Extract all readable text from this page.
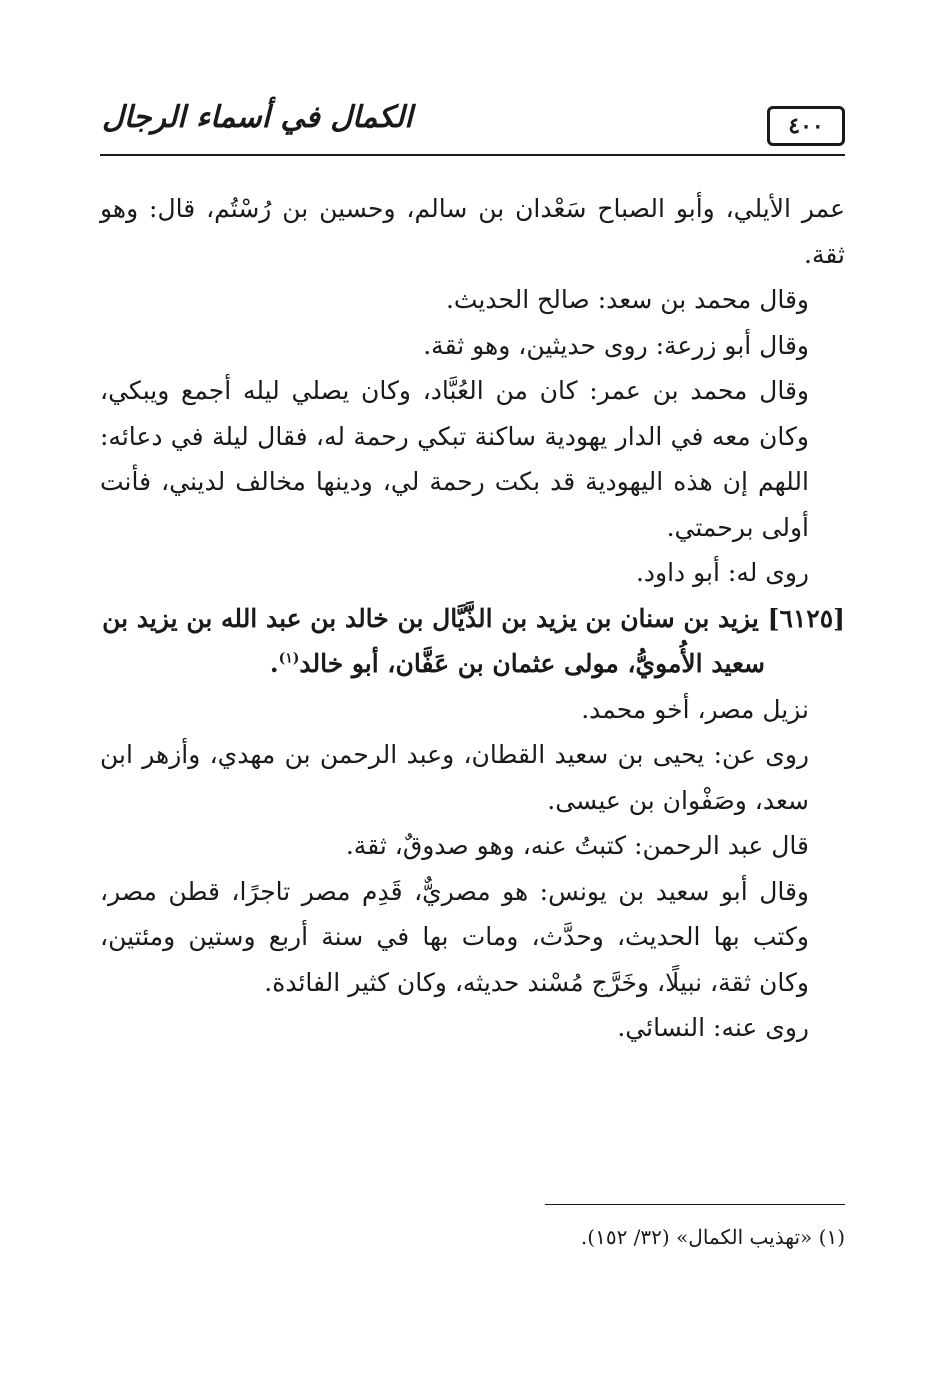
الكمال في أسماء الرجال	٤٠٠

عمر الأيلي، وأبو الصباح سَعْدان بن سالم، وحسين بن رُسْتُم، قال: وهو ثقة.

وقال محمد بن سعد: صالح الحديث.

وقال أبو زرعة: روى حديثين، وهو ثقة.

وقال محمد بن عمر: كان من العُبَّاد، وكان يصلي ليله أجمع ويبكي، وكان معه في الدار يهودية ساكنة تبكي رحمة له، فقال ليلة في دعائه: اللهم إن هذه اليهودية قد بكت رحمة لي، ودينها مخالف لديني، فأنت أولى برحمتي.

روى له: أبو داود.

[٦١٢٥] يزيد بن سنان بن يزيد بن الذَّيَّال بن خالد بن عبد الله بن يزيد بن
سعيد الأُمويُّ، مولى عثمان بن عَفَّان، أبو خالد$^{(١)}$.

نزيل مصر، أخو محمد.

روى عن: يحيى بن سعيد القطان، وعبد الرحمن بن مهدي، وأزهر ابن سعد، وصَفْوان بن عيسى.

قال عبد الرحمن: كتبتُ عنه، وهو صدوقٌ، ثقة.

وقال أبو سعيد بن يونس: هو مصريٌّ، قَدِم مصر تاجرًا، قطن مصر، وكتب بها الحديث، وحدَّث، ومات بها في سنة أربع وستين ومئتين، وكان ثقة، نبيلًا، وخَرَّج مُسْند حديثه، وكان كثير الفائدة.

روى عنه: النسائي.

(١) «تهذيب الكمال» (٣٢/ ١٥٢).
